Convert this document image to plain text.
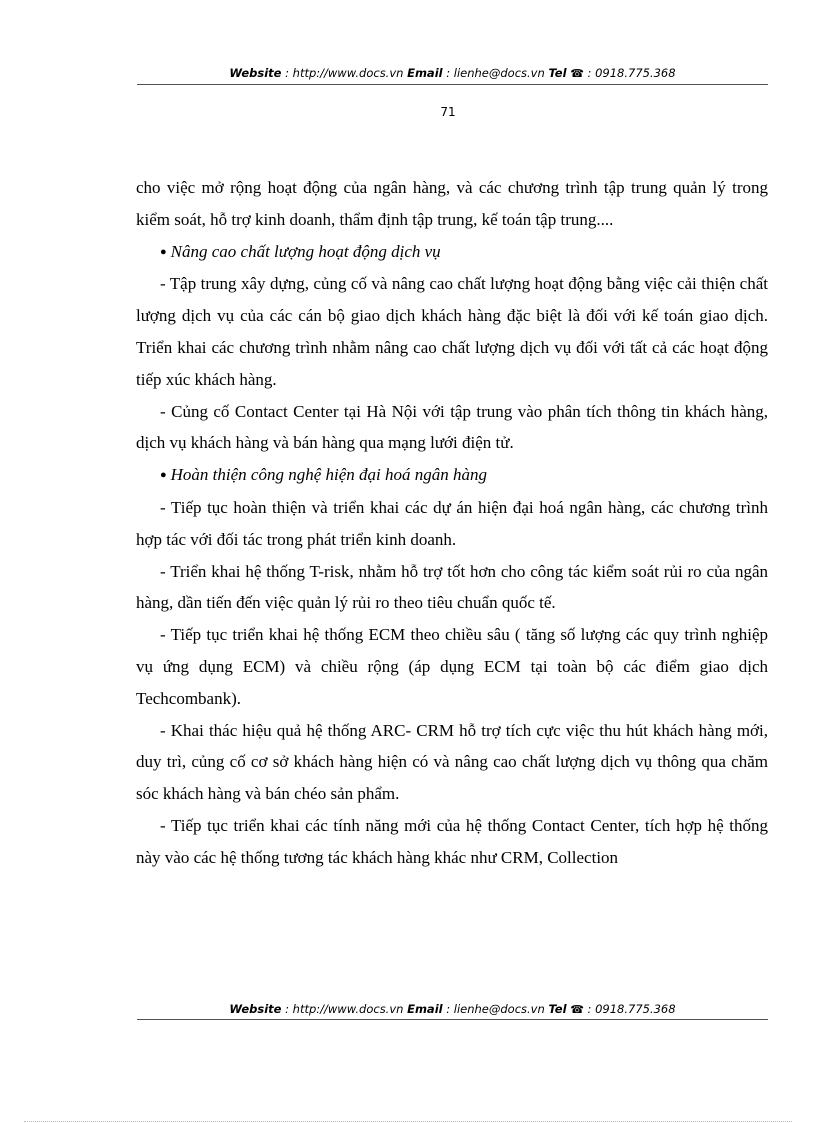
Website : http://www.docs.vn Email : lienhe@docs.vn Tel ☎ : 0918.775.368
71

cho việc mở rộng hoạt động của ngân hàng, và các chương trình tập trung quản lý trong kiểm soát, hỗ trợ kinh doanh, thẩm định tập trung, kế toán tập trung....

● Nâng cao chất lượng hoạt động dịch vụ

- Tập trung xây dựng, củng cố và nâng cao chất lượng hoạt động bằng việc cải thiện chất lượng dịch vụ của các cán bộ giao dịch khách hàng đặc biệt là đối với kế toán giao dịch. Triển khai các chương trình nhằm nâng cao chất lượng dịch vụ đối với tất cả các hoạt động tiếp xúc khách hàng.

- Củng cố Contact Center tại Hà Nội với tập trung vào phân tích thông tin khách hàng, dịch vụ khách hàng và bán hàng qua mạng lưới điện tử.

● Hoàn thiện công nghệ hiện đại hoá ngân hàng

- Tiếp tục hoàn thiện và triển khai các dự án hiện đại hoá ngân hàng, các chương trình hợp tác với đối tác trong phát triển kinh doanh.

- Triển khai hệ thống T-risk, nhằm hỗ trợ tốt hơn cho công tác kiểm soát rủi ro của ngân hàng, dần tiến đến việc quản lý rủi ro theo tiêu chuẩn quốc tế.

- Tiếp tục triển khai hệ thống ECM theo chiều sâu ( tăng số lượng các quy trình nghiệp vụ ứng dụng ECM) và chiều rộng (áp dụng ECM tại toàn bộ các điểm giao dịch Techcombank).

- Khai thác hiệu quả hệ thống ARC- CRM hỗ trợ tích cực việc thu hút khách hàng mới, duy trì, củng cố cơ sở khách hàng hiện có và nâng cao chất lượng dịch vụ thông qua chăm sóc khách hàng và bán chéo sản phẩm.

- Tiếp tục triển khai các tính năng mới của hệ thống Contact Center, tích hợp hệ thống này vào các hệ thống tương tác khách hàng khác như CRM, Collection

Website : http://www.docs.vn Email : lienhe@docs.vn Tel ☎ : 0918.775.368
